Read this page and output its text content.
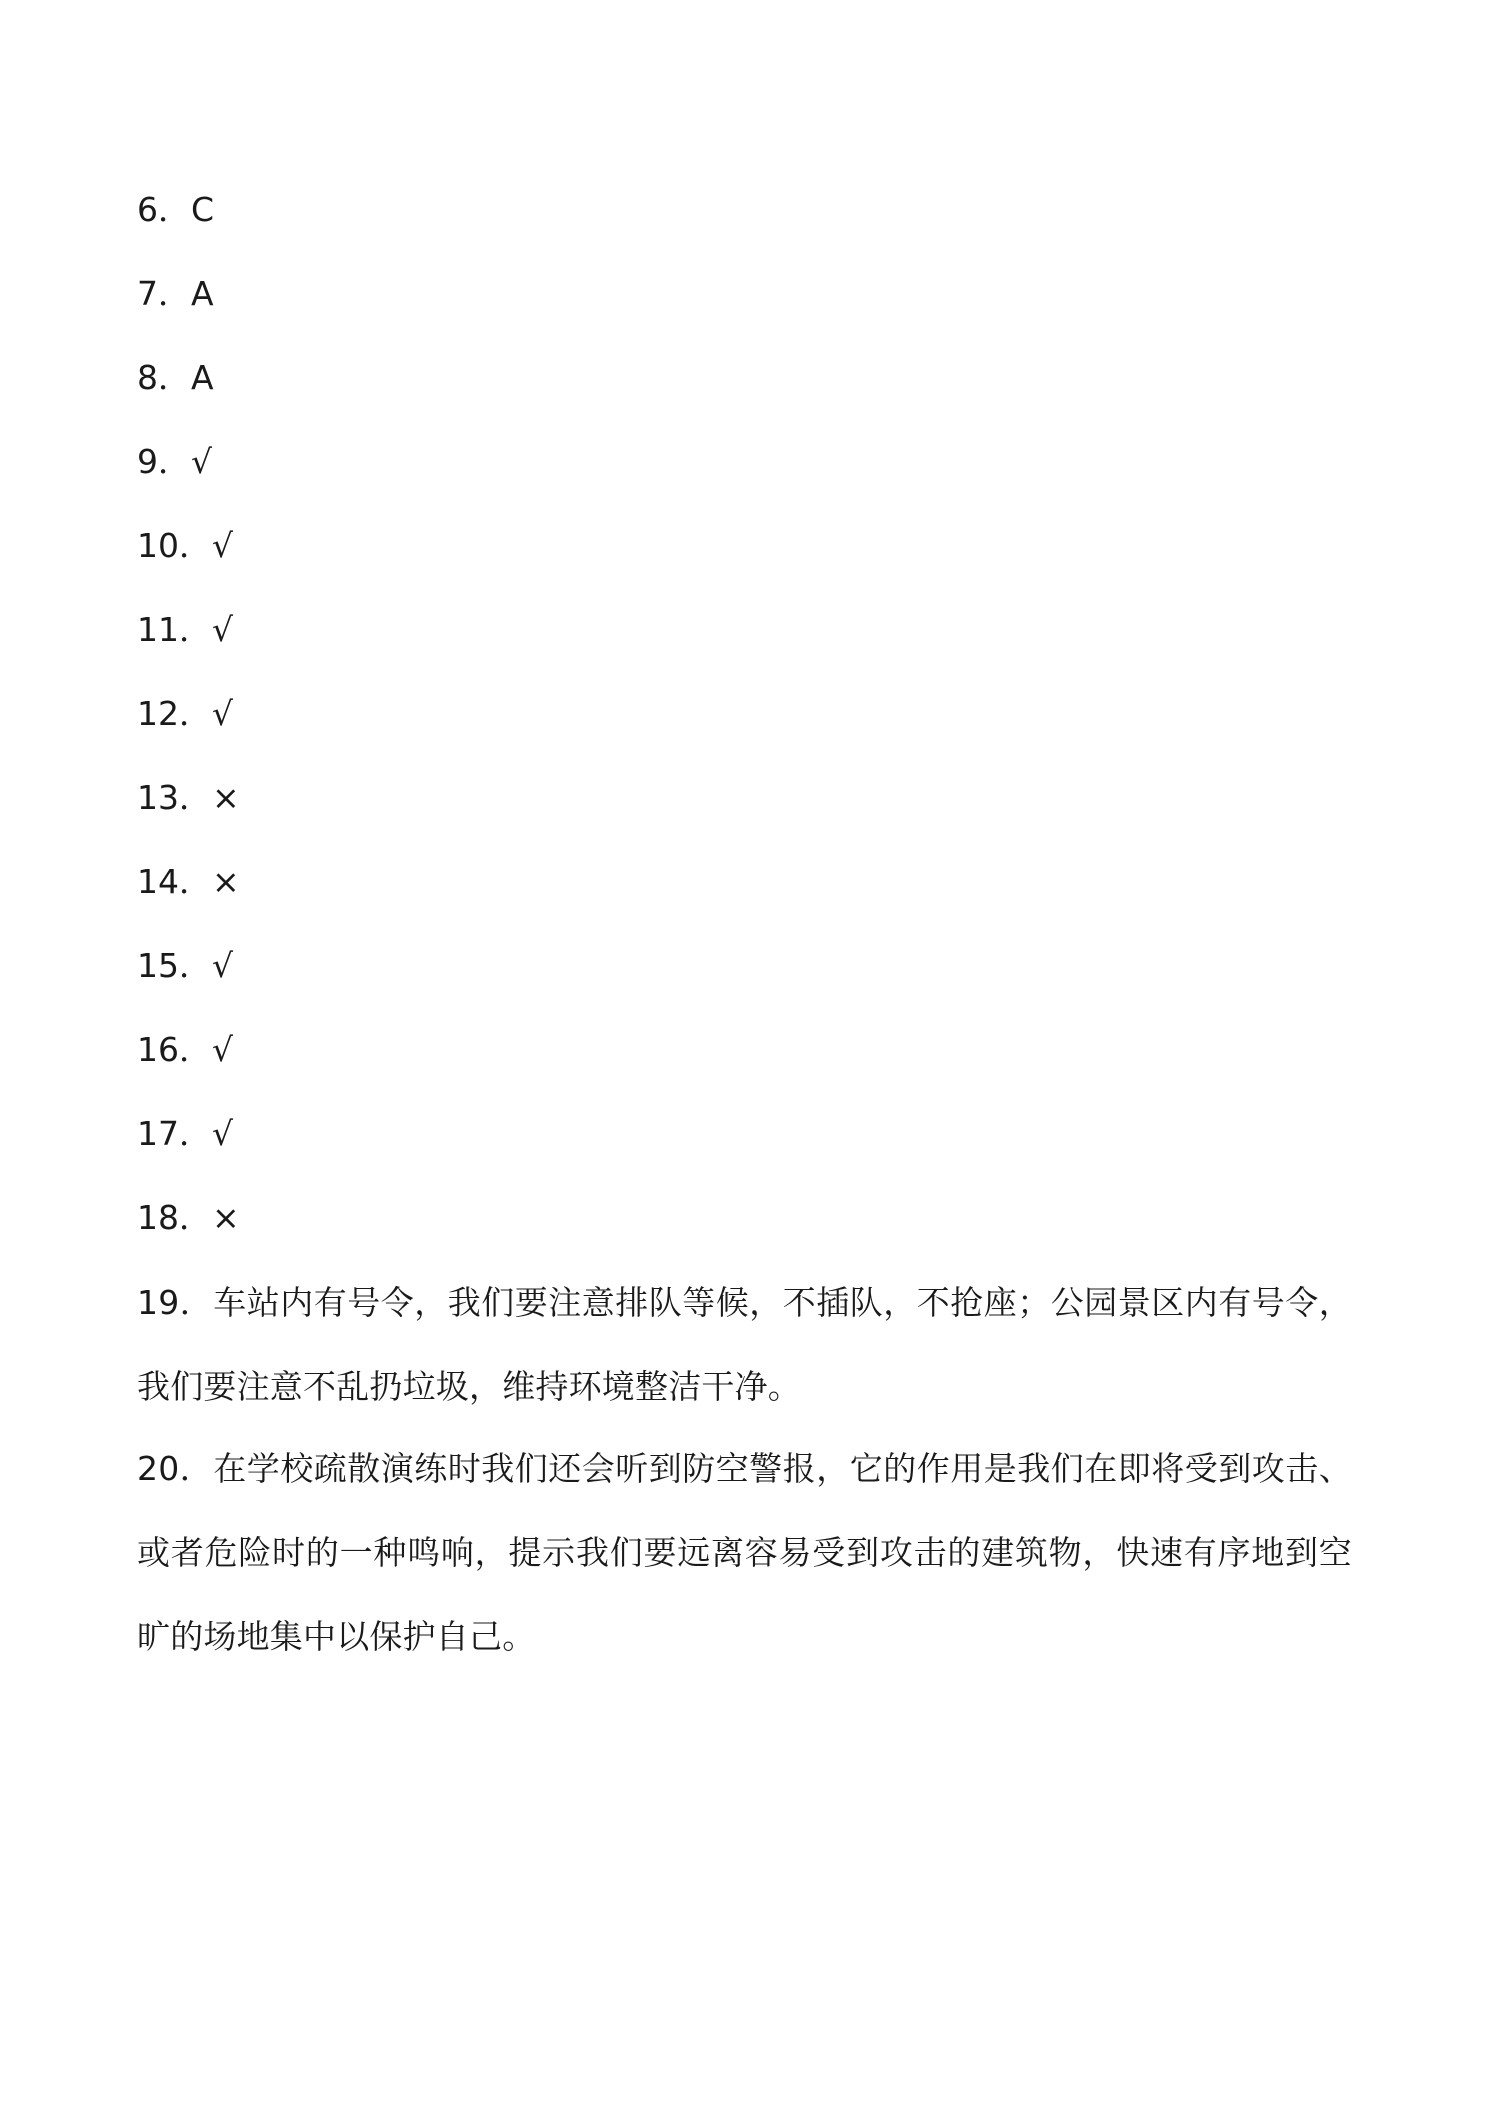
6．C
7．A
8．A
9．√
10．√
11．√
12．√
13．×
14．×
15．√
16．√
17．√
18．×
19．车站内有号令，我们要注意排队等候，不插队，不抢座；公园景区内有号令，我们要注意不乱扔垃圾，维持环境整洁干净。
20．在学校疏散演练时我们还会听到防空警报，它的作用是我们在即将受到攻击、或者危险时的一种鸣响，提示我们要远离容易受到攻击的建筑物，快速有序地到空旷的场地集中以保护自己。
